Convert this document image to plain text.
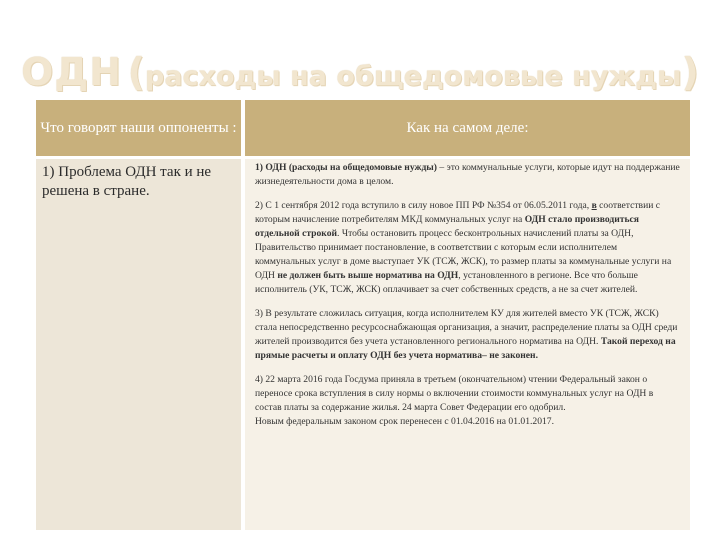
ОДН (расходы на общедомовые нужды)
Что говорят наши оппоненты :	Как на самом деле:
1) Проблема ОДН так и не решена в стране.

1) ОДН (расходы на общедомовые нужды) – это коммунальные услуги, которые идут на поддержание жизнедеятельности дома в целом.

2) С 1 сентября 2012 года вступило в силу новое ПП РФ №354 от 06.05.2011 года, в соответствии с которым начисление потребителям МКД коммунальных услуг на ОДН стало производиться отдельной строкой. Чтобы остановить процесс бесконтрольных начислений платы за ОДН, Правительство принимает постановление, в соответствии с которым если исполнителем коммунальных услуг в доме выступает УК (ТСЖ, ЖСК), то размер платы за коммунальные услуги на ОДН не должен быть выше норматива на ОДН, установленного в регионе. Все что больше исполнитель (УК, ТСЖ, ЖСК) оплачивает за счет собственных средств, а не за счет жителей.

3) В результате сложилась ситуация, когда исполнителем КУ для жителей вместо УК (ТСЖ, ЖСК) стала непосредственно ресурсоснабжающая организация, а значит, распределение платы за ОДН среди жителей производится без учета установленного регионального норматива на ОДН. Такой переход на прямые расчеты и оплату ОДН без учета норматива– не законен.

4) 22 марта 2016 года Госдума приняла в третьем (окончательном) чтении Федеральный закон о переносе срока вступления в силу нормы о включении стоимости коммунальных услуг на ОДН в состав платы за содержание жилья. 24 марта Совет Федерации его одобрил.
Новым федеральным законом срок перенесен с 01.04.2016 на 01.01.2017.
